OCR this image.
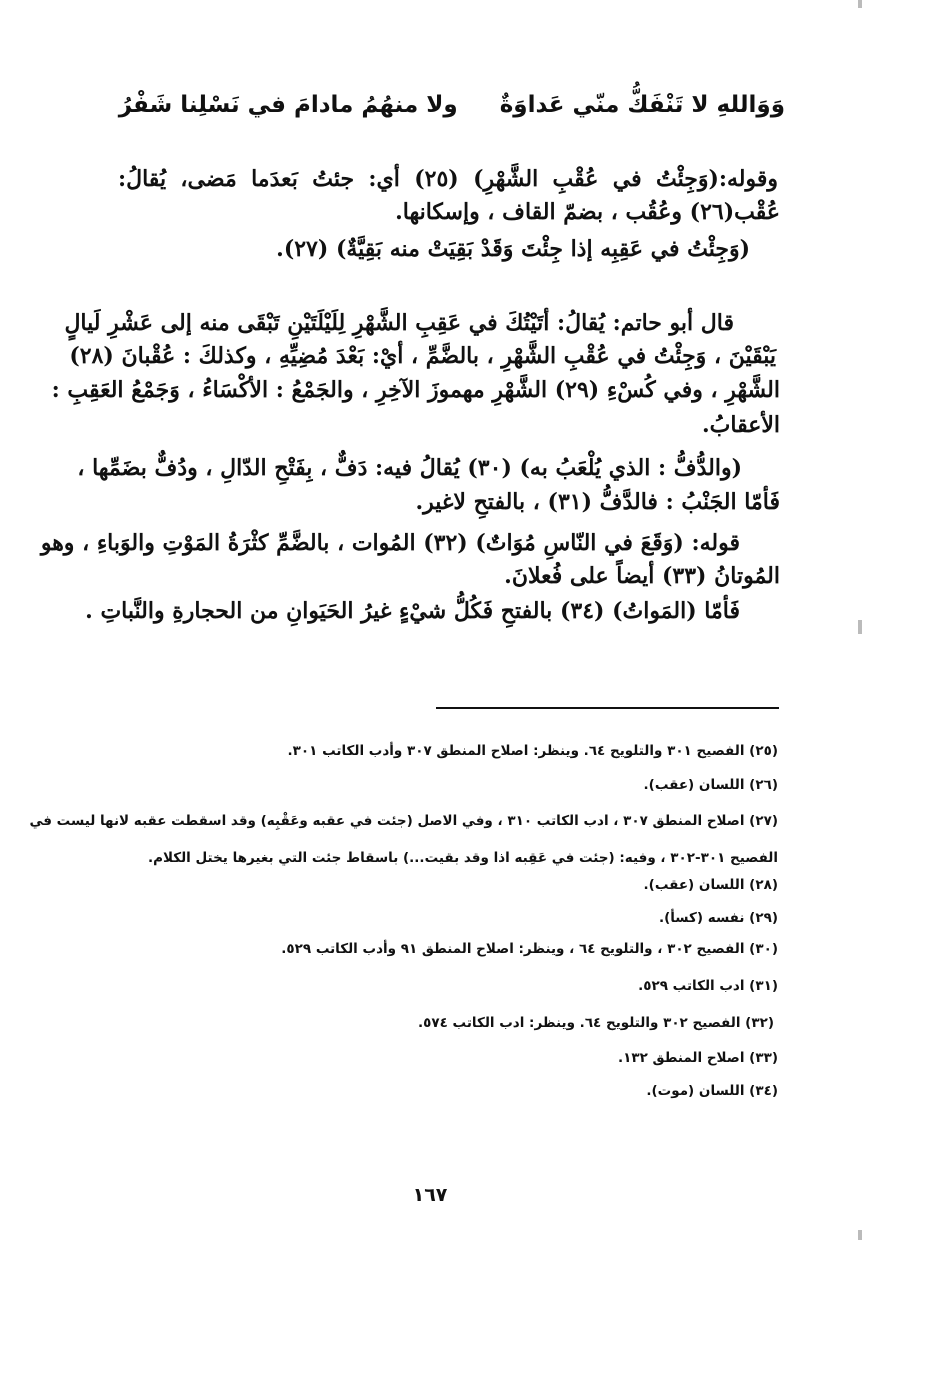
وَوَاللهِ لا تَنْفَكُّ منّي عَداوَةٌ ولا منهُمُ مادامَ في نَسْلِنا شَفْرُ
وقوله:(وَجِئْتُ في عُقْبِ الشَّهْرِ) (٢٥) أي: جئتُ بَعدَما مَضى، يُقالُ:
عُقْب(٢٦) وعُقُب ، بضمّ القاف ، وإسكانها.
(وَجِئْتُ في عَقِبِه إذا جِئْتَ وَقَدْ بَقِيَتْ منه بَقِيَّةٌ) (٢٧).
قال أبو حاتم: يُقالُ: أتَيْتُكَ في عَقِبِ الشَّهْرِ لِلَيْلَتَيْنِ تَبْقَى منه إلى عَشْرِ لَيالٍ
يَبْقَيْنَ ، وَجِئْتُ في عُقْبِ الشَّهْرِ ، بالضَّمِّ ، أيْ: بَعْدَ مُضِيِّهِ ، وكذلكَ : عُقْبانَ (٢٨)
الشَّهْرِ ، وفي كُسْءِ (٢٩) الشَّهْرِ مهموزَ الآخِرِ ، والجَمْعُ : الأكْسَاءُ ، وَجَمْعُ العَقِبِ :
الأعقابُ.
(والدُّفُّ : الذي يُلْعَبُ به) (٣٠) يُقالُ فيه: دَفٌّ ، بِفَتْحِ الدّالِ ، ودُفٌّ بضَمِّها ،
فَأمّا الجَنْبُ : فالدَّفُّ (٣١) ، بالفتحِ لاغير.
قوله: (وَقَعَ في النّاسِ مُوَاتٌ) (٣٢) المُوات ، بالضَّمِّ كثْرَةُ المَوْتِ والوَباءِ ، وهو
المُوتانُ (٣٣) أيضاً على فُعلانَ.
فَأمّا (المَواتُ) (٣٤) بالفتحِ فَكُلُّ شيْءٍ غيرُ الحَيَوانِ من الحجارةِ والنَّباتِ .
(٢٥) الفصيح ٣٠١ والتلويح ٦٤. وينظر: اصلاح المنطق ٣٠٧ وأدب الكاتب ٣٠١.
(٢٦) اللسان (عقب).
(٢٧) اصلاح المنطق ٣٠٧ ، ادب الكاتب ٣١٠ ، وفي الاصل (جئت في عقبه وعَقْبِه) وقد اسقطت عقبه لانها ليست في
الفصيح ٣٠١-٣٠٢ ، وفيه: (جئت في عَقِبه اذا وقد بقيت...) باسقاط جئت التي بغيرها يختل الكلام.
(٢٨) اللسان (عقب).
(٢٩) نفسه (كسأ).
(٣٠) الفصيح ٣٠٢ ، والتلويح ٦٤ ، وينظر: اصلاح المنطق ٩١ وأدب الكاتب ٥٢٩.
(٣١) ادب الكاتب ٥٢٩.
(٣٢) الفصيح ٣٠٢ والتلويح ٦٤. وينظر: ادب الكاتب ٥٧٤.
(٣٣) اصلاح المنطق ١٣٢.
(٣٤) اللسان (موت).
١٦٧
